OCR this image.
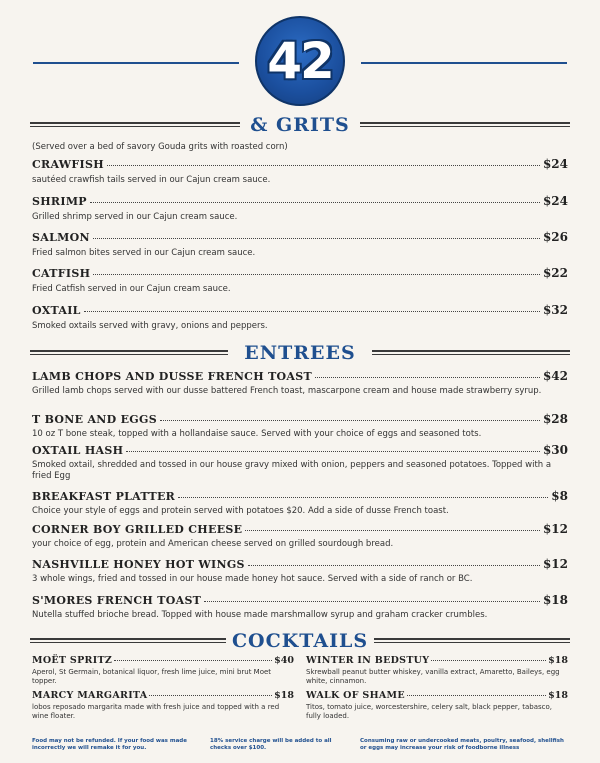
42
& GRITS
(Served over a bed of savory Gouda grits with roasted corn)
CRAWFISH	$24
sautéed crawfish tails served in our Cajun cream sauce.
SHRIMP	$24
Grilled shrimp served in our Cajun cream sauce.
SALMON	$26
Fried salmon bites served in our Cajun cream sauce.
CATFISH	$22
Fried Catfish served in our Cajun cream sauce.
OXTAIL	$32
Smoked oxtails served with gravy, onions and peppers.
ENTREES
LAMB CHOPS AND DUSSE FRENCH TOAST	$42
Grilled lamb chops served with our dusse battered French toast, mascarpone cream and house made strawberry syrup.
T BONE AND EGGS	$28
10 oz T bone steak, topped with a hollandaise sauce. Served with your choice of eggs and seasoned tots.
OXTAIL HASH	$30
Smoked oxtail, shredded and tossed in our house gravy mixed with onion, peppers and seasoned potatoes. Topped with a fried Egg
BREAKFAST PLATTER	$8
Choice your style of eggs and protein served with potatoes $20. Add a side of dusse French toast.
CORNER BOY GRILLED CHEESE	$12
your choice of egg, protein and American cheese served on grilled sourdough bread.
NASHVILLE HONEY HOT WINGS	$12
3 whole wings, fried and tossed in our house made honey hot sauce. Served with a side of ranch or BC.
S'MORES FRENCH TOAST	$18
Nutella stuffed brioche bread. Topped with house made marshmallow syrup and graham cracker crumbles.
COCKTAILS
MOËT SPRITZ	$40
Aperol, St Germain, botanical liquor, fresh lime juice, mini brut Moet topper.
WINTER IN BEDSTUY	$18
Skrewball peanut butter whiskey, vanilla extract, Amaretto, Baileys, egg white, cinnamon.
MARCY MARGARITA	$18
lobos reposado margarita made with fresh juice and topped with a red wine floater.
WALK OF SHAME	$18
Titos, tomato juice, worcestershire, celery salt, black pepper, tabasco, fully loaded.
Food may not be refunded. If your food was made incorrectly we will remake it for you.
18% service charge will be added to all checks over $100.
Consuming raw or undercooked meats, poultry, seafood, shellfish or eggs may increase your risk of foodborne illness
